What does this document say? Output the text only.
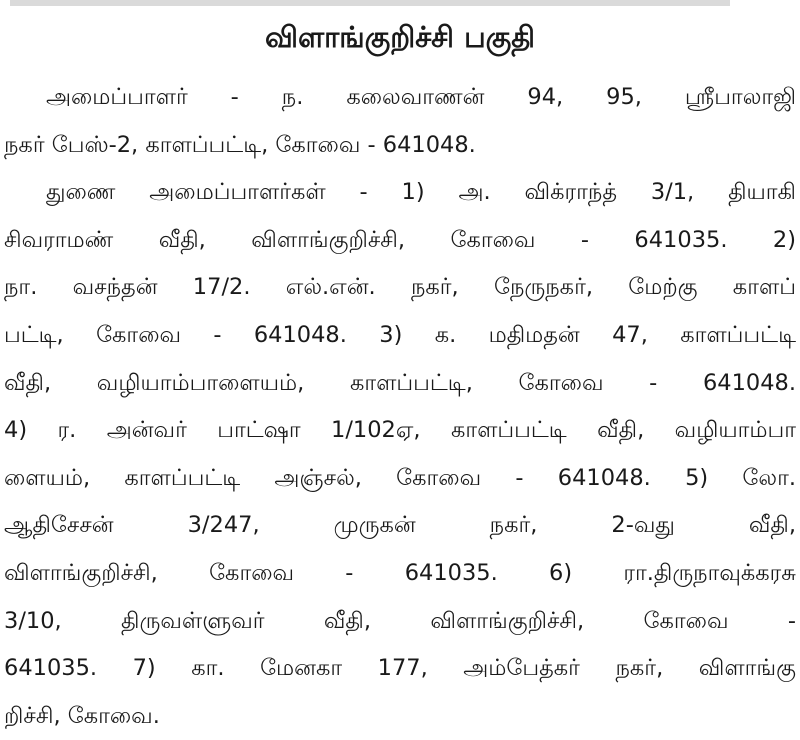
விளாங்குறிச்சி பகுதி
அமைப்பாளர் - ந. கலைவாணன் 94, 95, ஸ்ரீபாலாஜி
நகர் பேஸ்-2, காளப்பட்டி, கோவை - 641048.
துணை அமைப்பாளர்கள் - 1) அ. விக்ராந்த் 3/1, தியாகி
சிவராமண் வீதி, விளாங்குறிச்சி, கோவை - 641035. 2)
நா. வசந்தன் 17/2. எல்.என். நகர், நேருநகர், மேற்கு காளப்
பட்டி, கோவை - 641048. 3) க. மதிமதன் 47, காளப்பட்டி
வீதி, வழியாம்பாளையம், காளப்பட்டி, கோவை - 641048.
4) ர. அன்வர் பாட்ஷா 1/102ஏ, காளப்பட்டி வீதி, வழியாம்பா
ளையம், காளப்பட்டி அஞ்சல், கோவை - 641048. 5) லோ.
ஆதிசேசன் 3/247, முருகன் நகர், 2-வது வீதி,
விளாங்குறிச்சி, கோவை - 641035. 6) ரா.திருநாவுக்கரசு
3/10, திருவள்ளுவர் வீதி, விளாங்குறிச்சி, கோவை -
641035. 7) கா. மேனகா 177, அம்பேத்கர் நகர், விளாங்கு
றிச்சி, கோவை.
